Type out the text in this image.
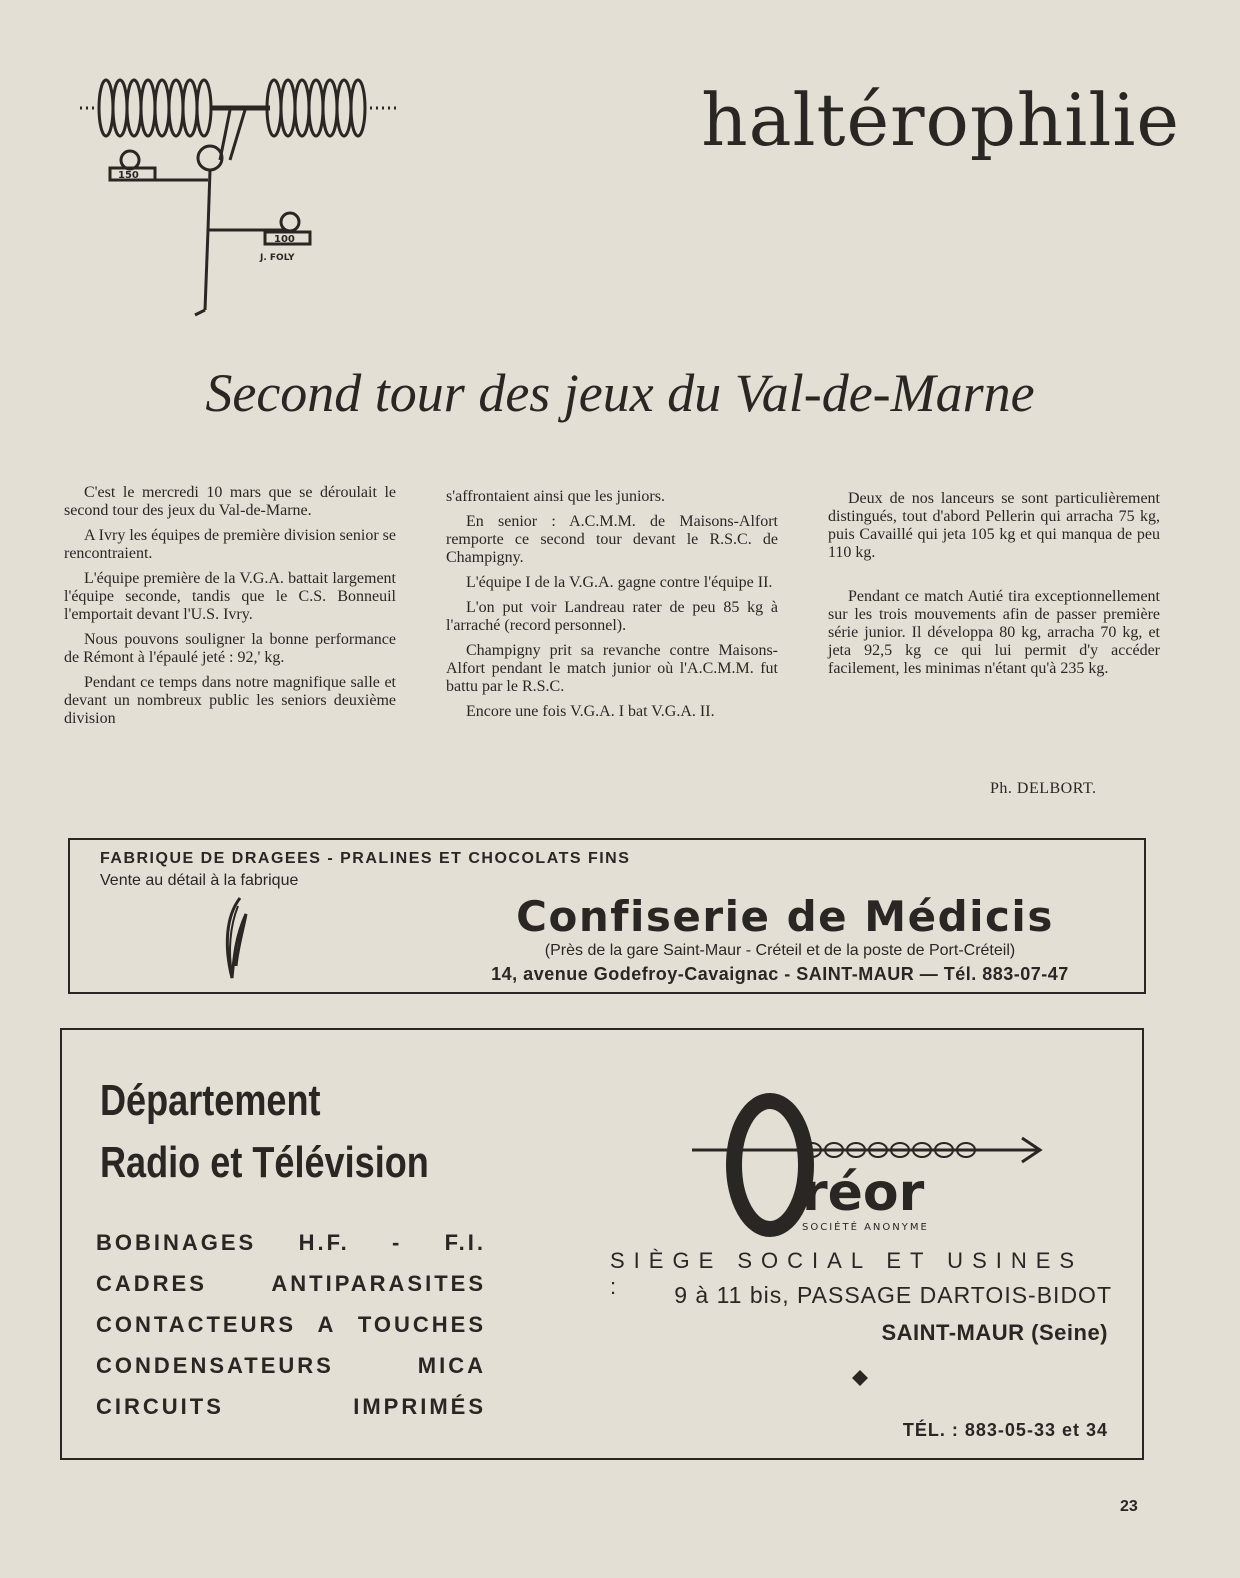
150
100
J. FOLY
haltérophilie
Second tour des jeux du Val-de-Marne

C'est le mercredi 10 mars que se déroulait le second tour des jeux du Val-de-Marne.

A Ivry les équipes de première division senior se rencontraient.

L'équipe première de la V.G.A. battait largement l'équipe seconde, tandis que le C.S. Bonneuil l'emportait devant l'U.S. Ivry.

Nous pouvons souligner la bonne performance de Rémont à l'épaulé jeté : 92,' kg.

Pendant ce temps dans notre magnifique salle et devant un nombreux public les seniors deuxième division

s'affrontaient ainsi que les juniors.

En senior : A.C.M.M. de Maisons-Alfort remporte ce second tour devant le R.S.C. de Champigny.

L'équipe I de la V.G.A. gagne contre l'équipe II.

L'on put voir Landreau rater de peu 85 kg à l'arraché (record personnel).

Champigny prit sa revanche contre Maisons-Alfort pendant le match junior où l'A.C.M.M. fut battu par le R.S.C.

Encore une fois V.G.A. I bat V.G.A. II.

Deux de nos lanceurs se sont particulièrement distingués, tout d'abord Pellerin qui arracha 75 kg, puis Cavaillé qui jeta 105 kg et qui manqua de peu 110 kg.

Pendant ce match Autié tira exceptionnellement sur les trois mouvements afin de passer première série junior. Il développa 80 kg, arracha 70 kg, et jeta 92,5 kg ce qui lui permit d'y accéder facilement, les minimas n'étant qu'à 235 kg.

Ph. DELBORT.
FABRIQUE DE DRAGEES - PRALINES ET CHOCOLATS FINS
Vente au détail à la fabrique
Confiserie de Médicis
(Près de la gare Saint-Maur - Créteil et de la poste de Port-Créteil)
14, avenue Godefroy-Cavaignac - SAINT-MAUR — Tél. 883-07-47
Département
Radio et Télévision
BOBINAGES H.F. - F.I.
CADRES	ANTIPARASITES
CONTACTEURS A TOUCHES
CONDENSATEURS	MICA
CIRCUITS	IMPRIMÉS
O réor
SOCIÉTÉ ANONYME
SIÈGE SOCIAL ET USINES :	9 à 11 bis, PASSAGE DARTOIS-BIDOT
SAINT-MAUR (Seine)
TÉL. : 883-05-33 et 34
23
